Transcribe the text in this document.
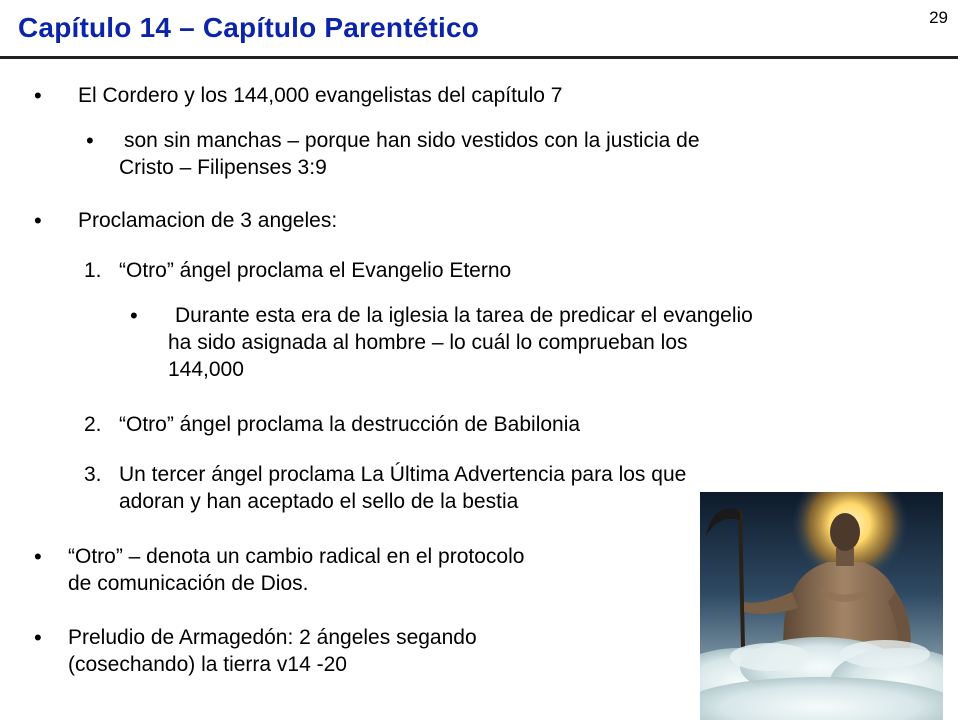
Capítulo 14 – Capítulo Parentético	29
• El Cordero y los 144,000 evangelistas del capítulo 7
• son sin manchas – porque han sido vestidos con la justicia de
Cristo – Filipenses 3:9
• Proclamacion de 3 angeles:
1. “Otro” ángel proclama el Evangelio Eterno
• Durante esta era de la iglesia la tarea de predicar el evangelio
ha sido asignada al hombre – lo cuál lo comprueban los
144,000
2. “Otro” ángel proclama la destrucción de Babilonia
3. Un tercer ángel proclama La Última Advertencia para los que
adoran y han aceptado el sello de la bestia
• “Otro” – denota un cambio radical en el protocolo
de comunicación de Dios.
• Preludio de Armagedón: 2 ángeles segando
(cosechando) la tierra v14 -20
